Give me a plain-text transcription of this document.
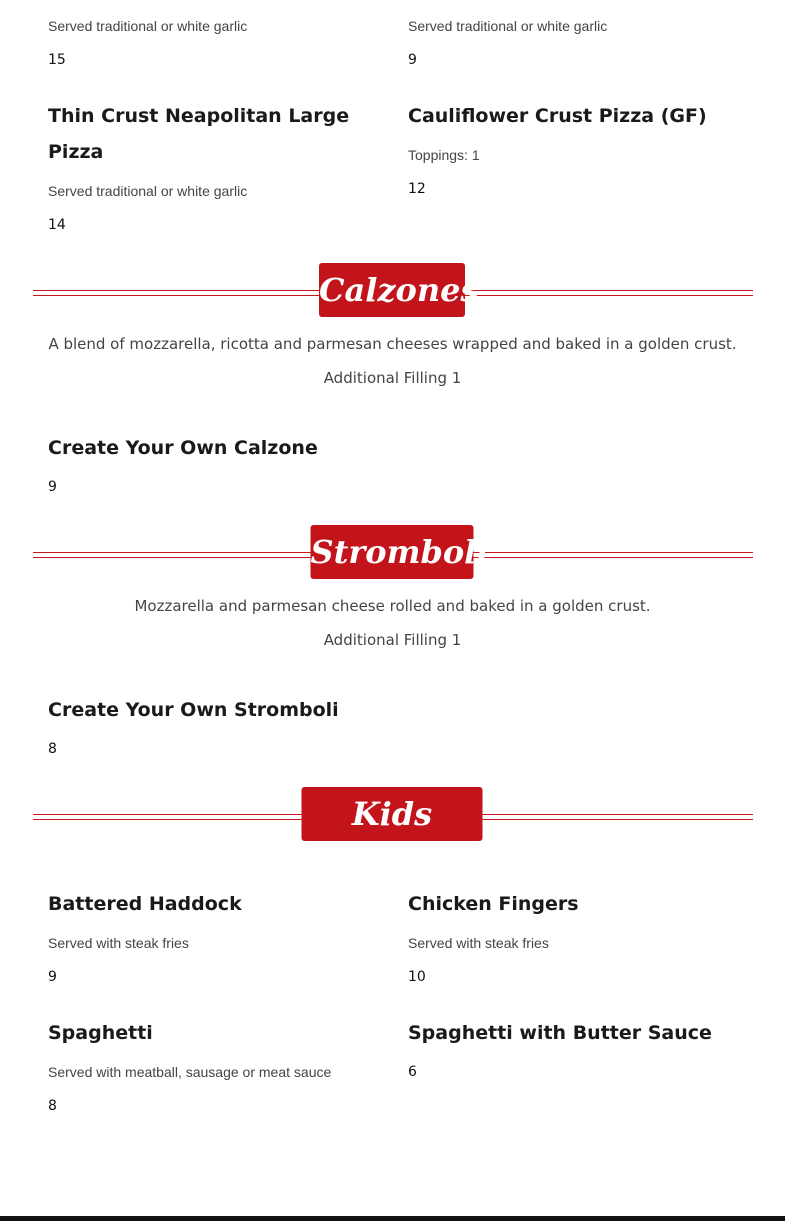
Served traditional or white garlic
15
Served traditional or white garlic
9
Thin Crust Neapolitan Large
Pizza
Served traditional or white garlic
14
Cauliflower Crust Pizza (GF)
Toppings: 1
12
Calzones
A blend of mozzarella, ricotta and parmesan cheeses wrapped and baked in a golden crust.
Additional Filling 1
Create Your Own Calzone
9
Stromboli
Mozzarella and parmesan cheese rolled and baked in a golden crust.
Additional Filling 1
Create Your Own Stromboli
8
Kids Menu
Battered Haddock
Served with steak fries
9
Chicken Fingers
Served with steak fries
10
Spaghetti
Served with meatball, sausage or meat sauce
8
Spaghetti with Butter Sauce
6
